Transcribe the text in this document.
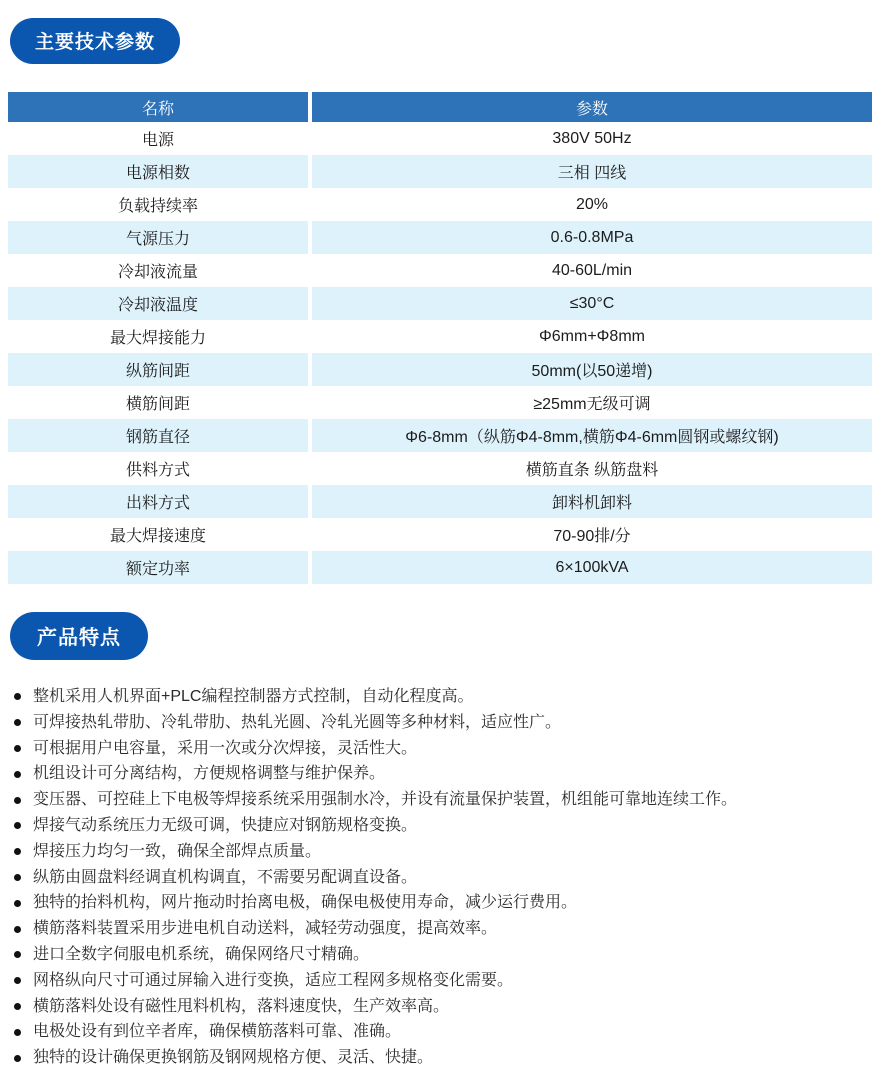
主要技术参数
名称	参数
电源	380V 50Hz
电源相数	三相 四线
负载持续率	20%
气源压力	0.6-0.8MPa
冷却液流量	40-60L/min
冷却液温度	≤30°C
最大焊接能力	Φ6mm+Φ8mm
纵筋间距	50mm(以50递增)
横筋间距	≥25mm无级可调
钢筋直径	Φ6-8mm（纵筋Φ4-8mm,横筋Φ4-6mm圆钢或螺纹钢)
供料方式	横筋直条 纵筋盘料
出料方式	卸料机卸料
最大焊接速度	70-90排/分
额定功率	6×100kVA
产品特点
整机采用人机界面+PLC编程控制器方式控制，自动化程度高。
可焊接热轧带肋、冷轧带肋、热轧光圆、冷轧光圆等多种材料，适应性广。
可根据用户电容量，采用一次或分次焊接，灵活性大。
机组设计可分离结构，方便规格调整与维护保养。
变压器、可控硅上下电极等焊接系统采用强制水冷，并设有流量保护装置，机组能可靠地连续工作。
焊接气动系统压力无级可调，快捷应对钢筋规格变换。
焊接压力均匀一致，确保全部焊点质量。
纵筋由圆盘料经调直机构调直，不需要另配调直设备。
独特的抬料机构，网片拖动时抬离电极，确保电极使用寿命，减少运行费用。
横筋落料装置采用步进电机自动送料，减轻劳动强度，提高效率。
进口全数字伺服电机系统，确保网络尺寸精确。
网格纵向尺寸可通过屏输入进行变换，适应工程网多规格变化需要。
横筋落料处设有磁性甩料机构，落料速度快，生产效率高。
电极处设有到位辛者库，确保横筋落料可靠、准确。
独特的设计确保更换钢筋及钢网规格方便、灵活、快捷。
